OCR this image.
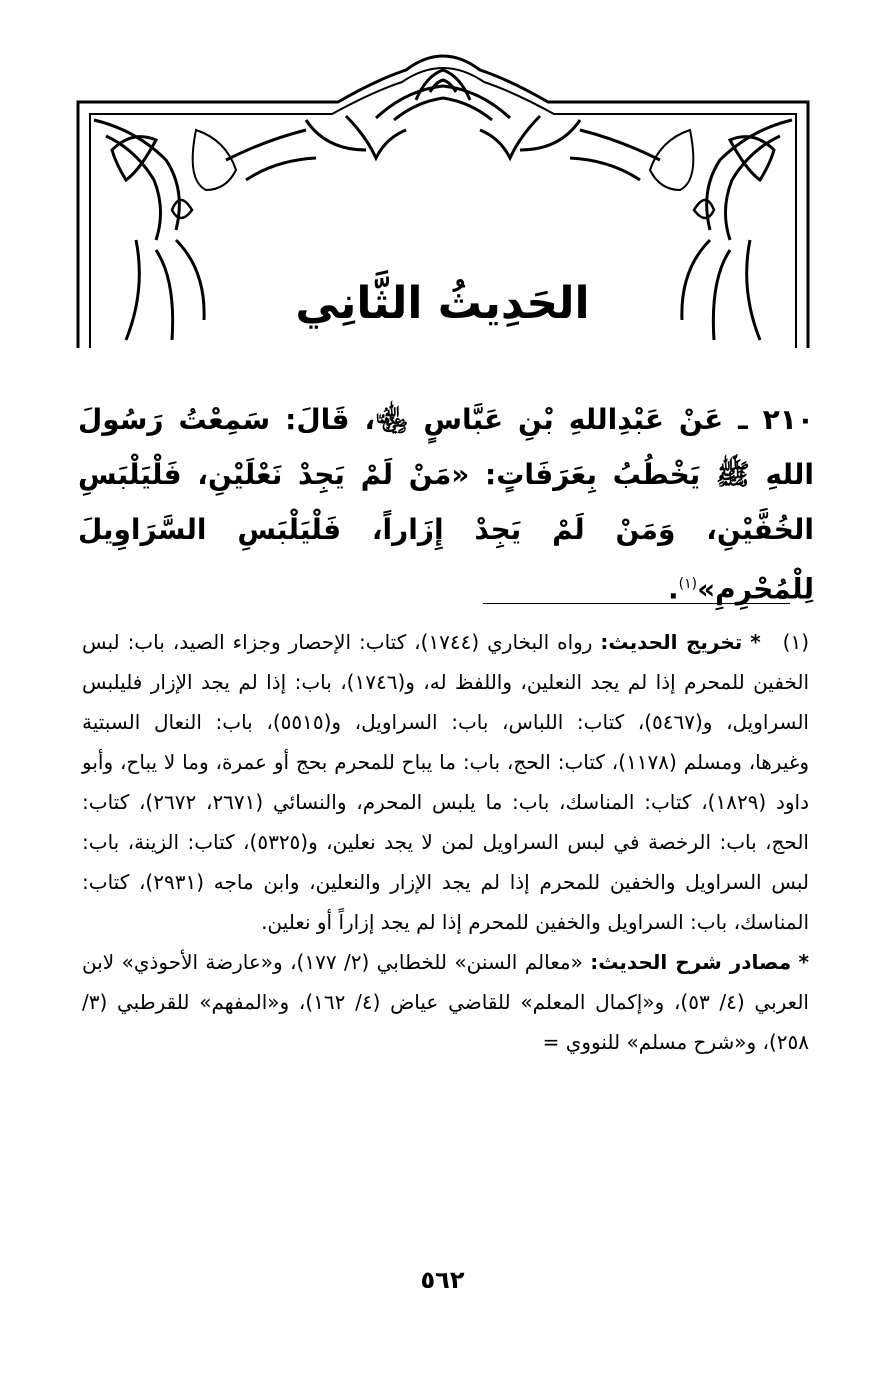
الحَدِيثُ الثَّانِي
٢١٠ ـ عَنْ عَبْدِاللهِ بْنِ عَبَّاسٍ ﵄، قَالَ: سَمِعْتُ رَسُولَ اللهِ ﷺ يَخْطُبُ بِعَرَفَاتٍ: «مَنْ لَمْ يَجِدْ نَعْلَيْنِ، فَلْيَلْبَسِ الخُفَّيْنِ، وَمَنْ لَمْ يَجِدْ إِزَاراً، فَلْيَلْبَسِ السَّرَاوِيلَ لِلْمُحْرِمِ»$^{(١)}$.

(١) * تخريج الحديث: رواه البخاري (١٧٤٤)، كتاب: الإحصار وجزاء الصيد، باب: لبس الخفين للمحرم إذا لم يجد النعلين، واللفظ له، و(١٧٤٦)، باب: إذا لم يجد الإزار فليلبس السراويل، و(٥٤٦٧)، كتاب: اللباس، باب: السراويل، و(٥٥١٥)، باب: النعال السبتية وغيرها، ومسلم (١١٧٨)، كتاب: الحج، باب: ما يباح للمحرم بحج أو عمرة، وما لا يباح، وأبو داود (١٨٢٩)، كتاب: المناسك، باب: ما يلبس المحرم، والنسائي (٢٦٧١، ٢٦٧٢)، كتاب: الحج، باب: الرخصة في لبس السراويل لمن لا يجد نعلين، و(٥٣٢٥)، كتاب: الزينة، باب: لبس السراويل والخفين للمحرم إذا لم يجد الإزار والنعلين، وابن ماجه (٢٩٣١)، كتاب: المناسك، باب: السراويل والخفين للمحرم إذا لم يجد إزاراً أو نعلين.

* مصادر شرح الحديث: «معالم السنن» للخطابي (٢/ ١٧٧)، و«عارضة الأحوذي» لابن العربي (٤/ ٥٣)، و«إكمال المعلم» للقاضي عياض (٤/ ١٦٢)، و«المفهم» للقرطبي (٣/ ٢٥٨)، و«شرح مسلم» للنووي =

٥٦٢
